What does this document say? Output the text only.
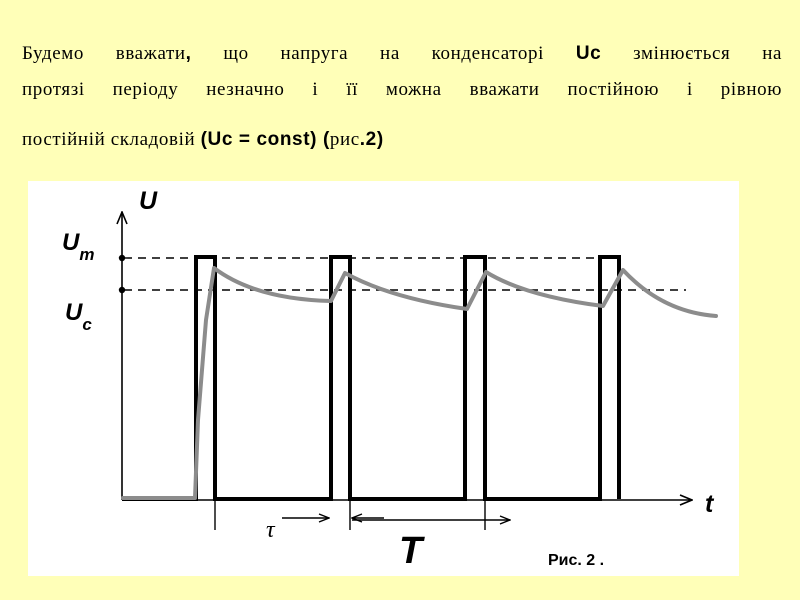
Будемо вважати, що напруга на конденсаторі Uc змінюється на
протязі періоду незначно і її можна вважати постійною і рівною
постійній складовій (Uc = const) (рис.2)
U
$U_m$
$U_c$
t
τ	T	Рис. 2 .
